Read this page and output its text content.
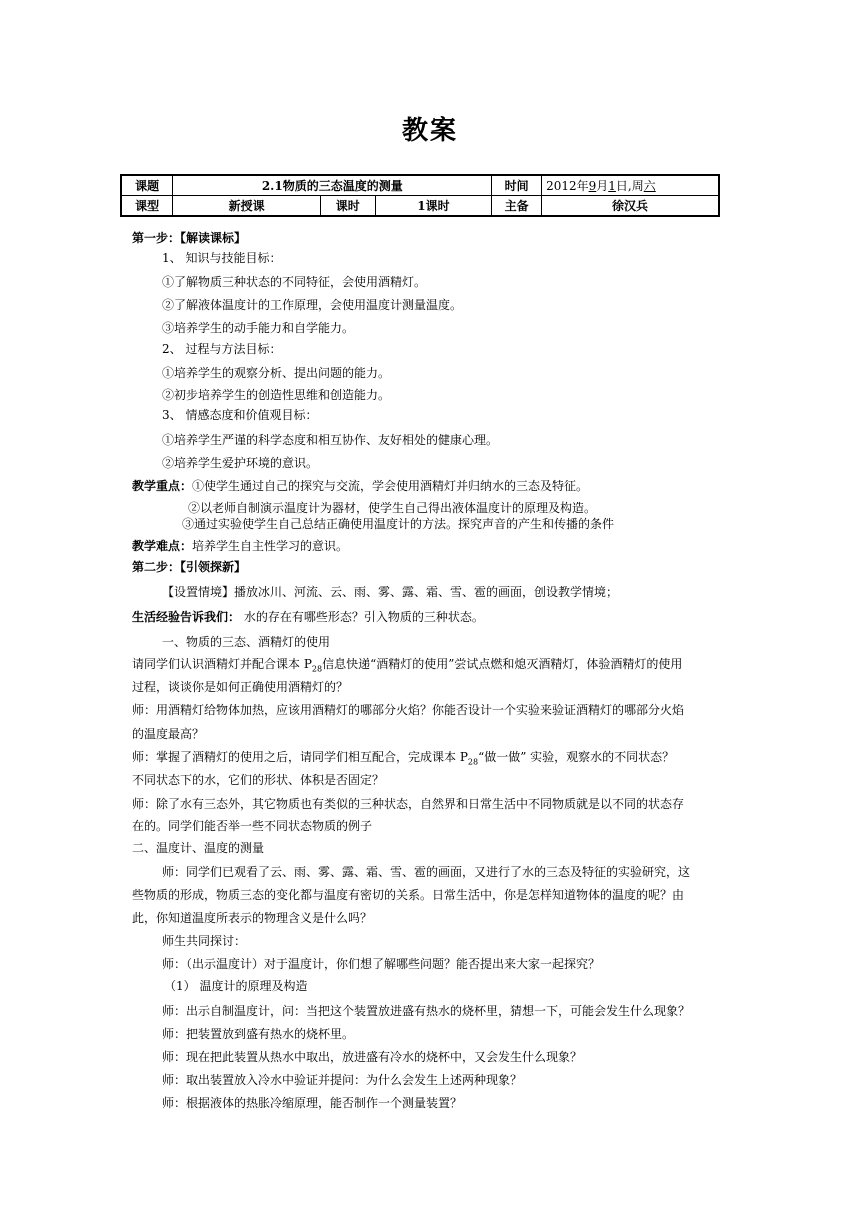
教案
课题	2.1物质的三态温度的测量			时间	2012年9月1日,周六
课型	新授课	课时	1课时	主备	徐汉兵
第一步：【解读课标】
1、 知识与技能目标：
①了解物质三种状态的不同特征，会使用酒精灯。
②了解液体温度计的工作原理，会使用温度计测量温度。
③培养学生的动手能力和自学能力。
2、 过程与方法目标：
①培养学生的观察分析、提出问题的能力。
②初步培养学生的创造性思维和创造能力。
3、 情感态度和价值观目标：
①培养学生严谨的科学态度和相互协作、友好相处的健康心理。
②培养学生爱护环境的意识。
教学重点：①使学生通过自己的探究与交流，学会使用酒精灯并归纳水的三态及特征。
②以老师自制演示温度计为器材，使学生自己得出液体温度计的原理及构造。
③通过实验使学生自己总结正确使用温度计的方法。探究声音的产生和传播的条件
教学难点：培养学生自主性学习的意识。
第二步：【引领探新】
【设置情境】播放冰川、河流、云、雨、雾、露、霜、雪、雹的画面，创设教学情境；
生活经验告诉我们： 水的存在有哪些形态？引入物质的三种状态。
一、物质的三态、酒精灯的使用
请同学们认识酒精灯并配合课本 $P_{28}$信息快递“酒精灯的使用”尝试点燃和熄灭酒精灯，体验酒精灯的使用
过程，谈谈你是如何正确使用酒精灯的？
师：用酒精灯给物体加热，应该用酒精灯的哪部分火焰？你能否设计一个实验来验证酒精灯的哪部分火焰
的温度最高？
师：掌握了酒精灯的使用之后，请同学们相互配合，完成课本 $P_{28}“$做一做” 实验，观察水的不同状态？
不同状态下的水，它们的形状、体积是否固定？
师：除了水有三态外，其它物质也有类似的三种状态，自然界和日常生活中不同物质就是以不同的状态存
在的。同学们能否举一些不同状态物质的例子
二、温度计、温度的测量
师：同学们已观看了云、雨、雾、露、霜、雪、雹的画面，又进行了水的三态及特征的实验研究，这
些物质的形成，物质三态的变化都与温度有密切的关系。日常生活中，你是怎样知道物体的温度的呢？由
此，你知道温度所表示的物理含义是什么吗？
师生共同探讨：
师：（出示温度计）对于温度计，你们想了解哪些问题？能否提出来大家一起探究？
（1） 温度计的原理及构造
师：出示自制温度计，问：当把这个装置放进盛有热水的烧杯里，猜想一下，可能会发生什么现象？
师：把装置放到盛有热水的烧杯里。
师：现在把此装置从热水中取出，放进盛有冷水的烧杯中，又会发生什么现象？
师：取出装置放入冷水中验证并提问：为什么会发生上述两种现象？
师：根据液体的热胀冷缩原理，能否制作一个测量装置？
